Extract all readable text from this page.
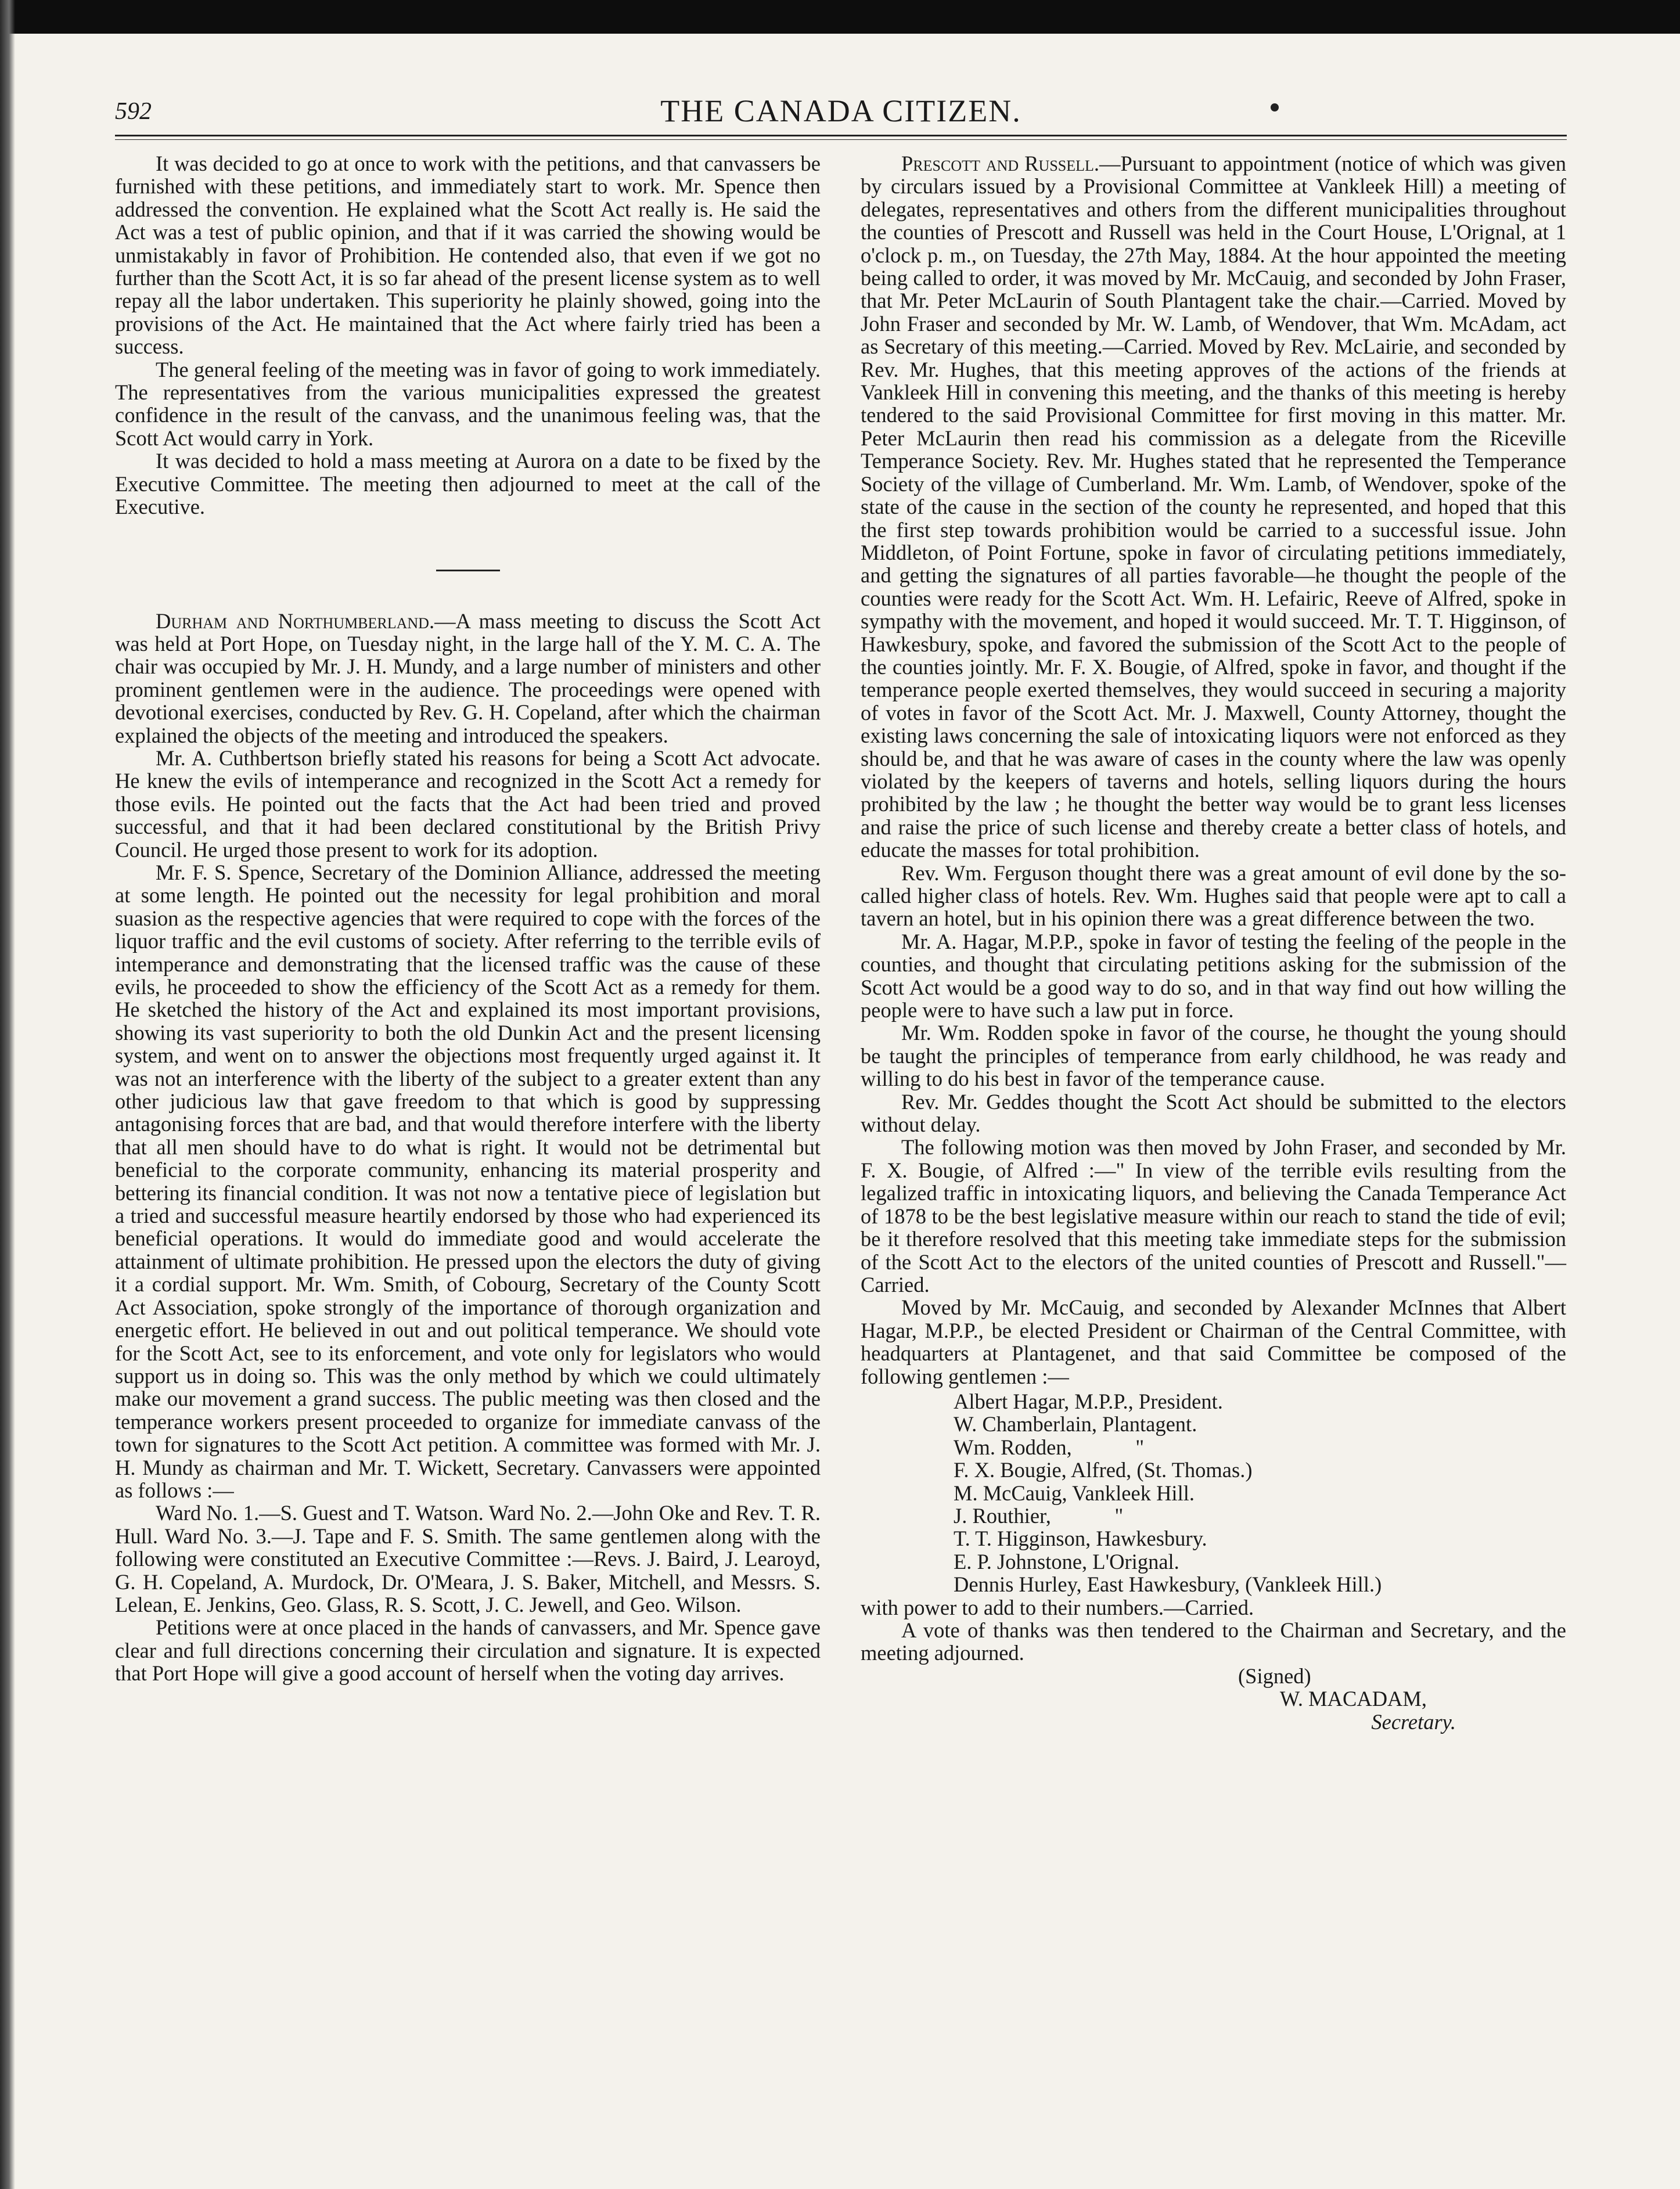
592	THE CANADA CITIZEN.

It was decided to go at once to work with the petitions, and that canvassers be furnished with these petitions, and immediately start to work. Mr. Spence then addressed the convention. He explained what the Scott Act really is. He said the Act was a test of public opinion, and that if it was carried the showing would be unmistakably in favor of Prohibition. He contended also, that even if we got no further than the Scott Act, it is so far ahead of the present license system as to well repay all the labor undertaken. This superiority he plainly showed, going into the provisions of the Act. He maintained that the Act where fairly tried has been a success.

The general feeling of the meeting was in favor of going to work immediately. The representatives from the various municipalities expressed the greatest confidence in the result of the canvass, and the unanimous feeling was, that the Scott Act would carry in York.

It was decided to hold a mass meeting at Aurora on a date to be fixed by the Executive Committee. The meeting then adjourned to meet at the call of the Executive.

Durham and Northumberland.—A mass meeting to discuss the Scott Act was held at Port Hope, on Tuesday night, in the large hall of the Y. M. C. A. The chair was occupied by Mr. J. H. Mundy, and a large number of ministers and other prominent gentlemen were in the audience. The proceedings were opened with devotional exercises, conducted by Rev. G. H. Copeland, after which the chairman explained the objects of the meeting and introduced the speakers.

Mr. A. Cuthbertson briefly stated his reasons for being a Scott Act advocate. He knew the evils of intemperance and recognized in the Scott Act a remedy for those evils. He pointed out the facts that the Act had been tried and proved successful, and that it had been declared constitutional by the British Privy Council. He urged those present to work for its adoption.

Mr. F. S. Spence, Secretary of the Dominion Alliance, addressed the meeting at some length. He pointed out the necessity for legal prohibition and moral suasion as the respective agencies that were required to cope with the forces of the liquor traffic and the evil customs of society. After referring to the terrible evils of intemperance and demonstrating that the licensed traffic was the cause of these evils, he proceeded to show the efficiency of the Scott Act as a remedy for them. He sketched the history of the Act and explained its most important provisions, showing its vast superiority to both the old Dunkin Act and the present licensing system, and went on to answer the objections most frequently urged against it. It was not an interference with the liberty of the subject to a greater extent than any other judicious law that gave freedom to that which is good by suppressing antagonising forces that are bad, and that would therefore interfere with the liberty that all men should have to do what is right. It would not be detrimental but beneficial to the corporate community, enhancing its material prosperity and bettering its financial condition. It was not now a tentative piece of legislation but a tried and successful measure heartily endorsed by those who had experienced its beneficial operations. It would do immediate good and would accelerate the attainment of ultimate prohibition. He pressed upon the electors the duty of giving it a cordial support. Mr. Wm. Smith, of Cobourg, Secretary of the County Scott Act Association, spoke strongly of the importance of thorough organization and energetic effort. He believed in out and out political temperance. We should vote for the Scott Act, see to its enforcement, and vote only for legislators who would support us in doing so. This was the only method by which we could ultimately make our movement a grand success. The public meeting was then closed and the temperance workers present proceeded to organize for immediate canvass of the town for signatures to the Scott Act petition. A committee was formed with Mr. J. H. Mundy as chairman and Mr. T. Wickett, Secretary. Canvassers were appointed as follows :—

Ward No. 1.—S. Guest and T. Watson. Ward No. 2.—John Oke and Rev. T. R. Hull. Ward No. 3.—J. Tape and F. S. Smith. The same gentlemen along with the following were constituted an Executive Committee :—Revs. J. Baird, J. Learoyd, G. H. Copeland, A. Murdock, Dr. O'Meara, J. S. Baker, Mitchell, and Messrs. S. Lelean, E. Jenkins, Geo. Glass, R. S. Scott, J. C. Jewell, and Geo. Wilson.

Petitions were at once placed in the hands of canvassers, and Mr. Spence gave clear and full directions concerning their circulation and signature. It is expected that Port Hope will give a good account of herself when the voting day arrives.

Prescott and Russell.—Pursuant to appointment (notice of which was given by circulars issued by a Provisional Committee at Vankleek Hill) a meeting of delegates, representatives and others from the different municipalities throughout the counties of Prescott and Russell was held in the Court House, L'Orignal, at 1 o'clock p. m., on Tuesday, the 27th May, 1884. At the hour appointed the meeting being called to order, it was moved by Mr. McCauig, and seconded by John Fraser, that Mr. Peter McLaurin of South Plantagent take the chair.—Carried. Moved by John Fraser and seconded by Mr. W. Lamb, of Wendover, that Wm. McAdam, act as Secretary of this meeting.—Carried. Moved by Rev. McLairie, and seconded by Rev. Mr. Hughes, that this meeting approves of the actions of the friends at Vankleek Hill in convening this meeting, and the thanks of this meeting is hereby tendered to the said Provisional Committee for first moving in this matter. Mr. Peter McLaurin then read his commission as a delegate from the Riceville Temperance Society. Rev. Mr. Hughes stated that he represented the Temperance Society of the village of Cumberland. Mr. Wm. Lamb, of Wendover, spoke of the state of the cause in the section of the county he represented, and hoped that this the first step towards prohibition would be carried to a successful issue. John Middleton, of Point Fortune, spoke in favor of circulating petitions immediately, and getting the signatures of all parties favorable—he thought the people of the counties were ready for the Scott Act. Wm. H. Lefairic, Reeve of Alfred, spoke in sympathy with the movement, and hoped it would succeed. Mr. T. T. Higginson, of Hawkesbury, spoke, and favored the submission of the Scott Act to the people of the counties jointly. Mr. F. X. Bougie, of Alfred, spoke in favor, and thought if the temperance people exerted themselves, they would succeed in securing a majority of votes in favor of the Scott Act. Mr. J. Maxwell, County Attorney, thought the existing laws concerning the sale of intoxicating liquors were not enforced as they should be, and that he was aware of cases in the county where the law was openly violated by the keepers of taverns and hotels, selling liquors during the hours prohibited by the law ; he thought the better way would be to grant less licenses and raise the price of such license and thereby create a better class of hotels, and educate the masses for total prohibition.

Rev. Wm. Ferguson thought there was a great amount of evil done by the so-called higher class of hotels. Rev. Wm. Hughes said that people were apt to call a tavern an hotel, but in his opinion there was a great difference between the two.

Mr. A. Hagar, M.P.P., spoke in favor of testing the feeling of the people in the counties, and thought that circulating petitions asking for the submission of the Scott Act would be a good way to do so, and in that way find out how willing the people were to have such a law put in force.

Mr. Wm. Rodden spoke in favor of the course, he thought the young should be taught the principles of temperance from early childhood, he was ready and willing to do his best in favor of the temperance cause.

Rev. Mr. Geddes thought the Scott Act should be submitted to the electors without delay.

The following motion was then moved by John Fraser, and seconded by Mr. F. X. Bougie, of Alfred :—" In view of the terrible evils resulting from the legalized traffic in intoxicating liquors, and believing the Canada Temperance Act of 1878 to be the best legislative measure within our reach to stand the tide of evil; be it therefore resolved that this meeting take immediate steps for the submission of the Scott Act to the electors of the united counties of Prescott and Russell."—Carried.

Moved by Mr. McCauig, and seconded by Alexander McInnes that Albert Hagar, M.P.P., be elected President or Chairman of the Central Committee, with headquarters at Plantagenet, and that said Committee be composed of the following gentlemen :—

Albert Hagar, M.P.P., President.
W. Chamberlain, Plantagent.
Wm. Rodden,            "
F. X. Bougie, Alfred, (St. Thomas.)
M. McCauig, Vankleek Hill.
J. Routhier,            "
T. T. Higginson, Hawkesbury.
E. P. Johnstone, L'Orignal.
Dennis Hurley, East Hawkesbury, (Vankleek Hill.)

with power to add to their numbers.—Carried.

A vote of thanks was then tendered to the Chairman and Secretary, and the meeting adjourned.

(Signed)

W. MACADAM,

Secretary.
